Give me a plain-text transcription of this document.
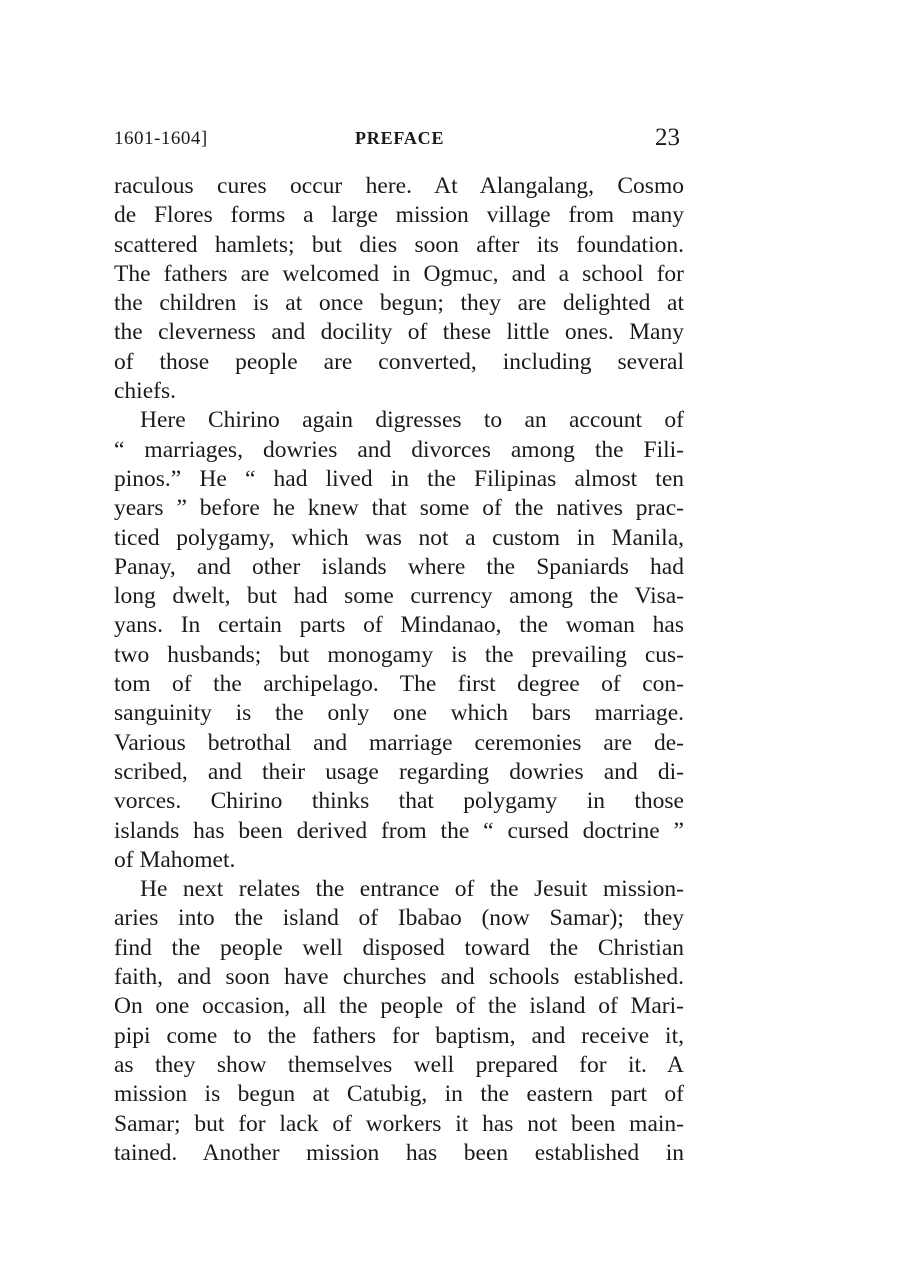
1601-1604]	PREFACE	23
raculous cures occur here. At Alangalang, Cosmo
de Flores forms a large mission village from many
scattered hamlets; but dies soon after its foundation.
The fathers are welcomed in Ogmuc, and a school for
the children is at once begun; they are delighted at
the cleverness and docility of these little ones. Many
of those people are converted, including several
chiefs.
Here Chirino again digresses to an account of
“ marriages, dowries and divorces among the Fili-
pinos.” He “ had lived in the Filipinas almost ten
years ” before he knew that some of the natives prac-
ticed polygamy, which was not a custom in Manila,
Panay, and other islands where the Spaniards had
long dwelt, but had some currency among the Visa-
yans. In certain parts of Mindanao, the woman has
two husbands; but monogamy is the prevailing cus-
tom of the archipelago. The first degree of con-
sanguinity is the only one which bars marriage.
Various betrothal and marriage ceremonies are de-
scribed, and their usage regarding dowries and di-
vorces. Chirino thinks that polygamy in those
islands has been derived from the “ cursed doctrine ”
of Mahomet.
He next relates the entrance of the Jesuit mission-
aries into the island of Ibabao (now Samar); they
find the people well disposed toward the Christian
faith, and soon have churches and schools established.
On one occasion, all the people of the island of Mari-
pipi come to the fathers for baptism, and receive it,
as they show themselves well prepared for it. A
mission is begun at Catubig, in the eastern part of
Samar; but for lack of workers it has not been main-
tained. Another mission has been established in
